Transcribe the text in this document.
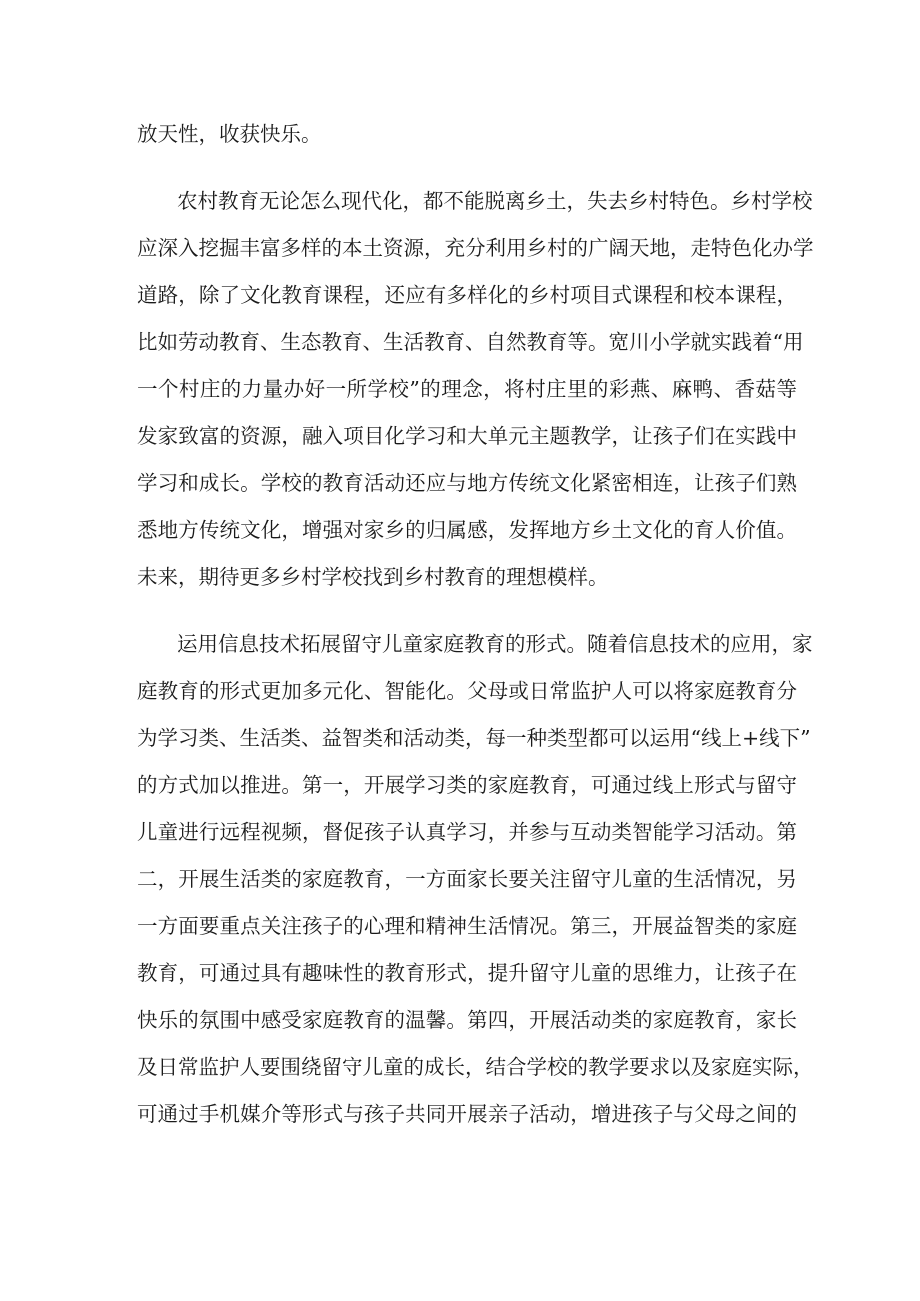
放天性，收获快乐。
农村教育无论怎么现代化，都不能脱离乡土，失去乡村特色。乡村学校
应深入挖掘丰富多样的本土资源，充分利用乡村的广阔天地，走特色化办学
道路，除了文化教育课程，还应有多样化的乡村项目式课程和校本课程，
比如劳动教育、生态教育、生活教育、自然教育等。宽川小学就实践着“用
一个村庄的力量办好一所学校”的理念，将村庄里的彩燕、麻鸭、香菇等
发家致富的资源，融入项目化学习和大单元主题教学，让孩子们在实践中
学习和成长。学校的教育活动还应与地方传统文化紧密相连，让孩子们熟
悉地方传统文化，增强对家乡的归属感，发挥地方乡土文化的育人价值。
未来，期待更多乡村学校找到乡村教育的理想模样。
运用信息技术拓展留守儿童家庭教育的形式。随着信息技术的应用，家
庭教育的形式更加多元化、智能化。父母或日常监护人可以将家庭教育分
为学习类、生活类、益智类和活动类，每一种类型都可以运用“线上+线下”
的方式加以推进。第一，开展学习类的家庭教育，可通过线上形式与留守
儿童进行远程视频，督促孩子认真学习，并参与互动类智能学习活动。第
二，开展生活类的家庭教育，一方面家长要关注留守儿童的生活情况，另
一方面要重点关注孩子的心理和精神生活情况。第三，开展益智类的家庭
教育，可通过具有趣味性的教育形式，提升留守儿童的思维力，让孩子在
快乐的氛围中感受家庭教育的温馨。第四，开展活动类的家庭教育，家长
及日常监护人要围绕留守儿童的成长，结合学校的教学要求以及家庭实际，
可通过手机媒介等形式与孩子共同开展亲子活动，增进孩子与父母之间的
